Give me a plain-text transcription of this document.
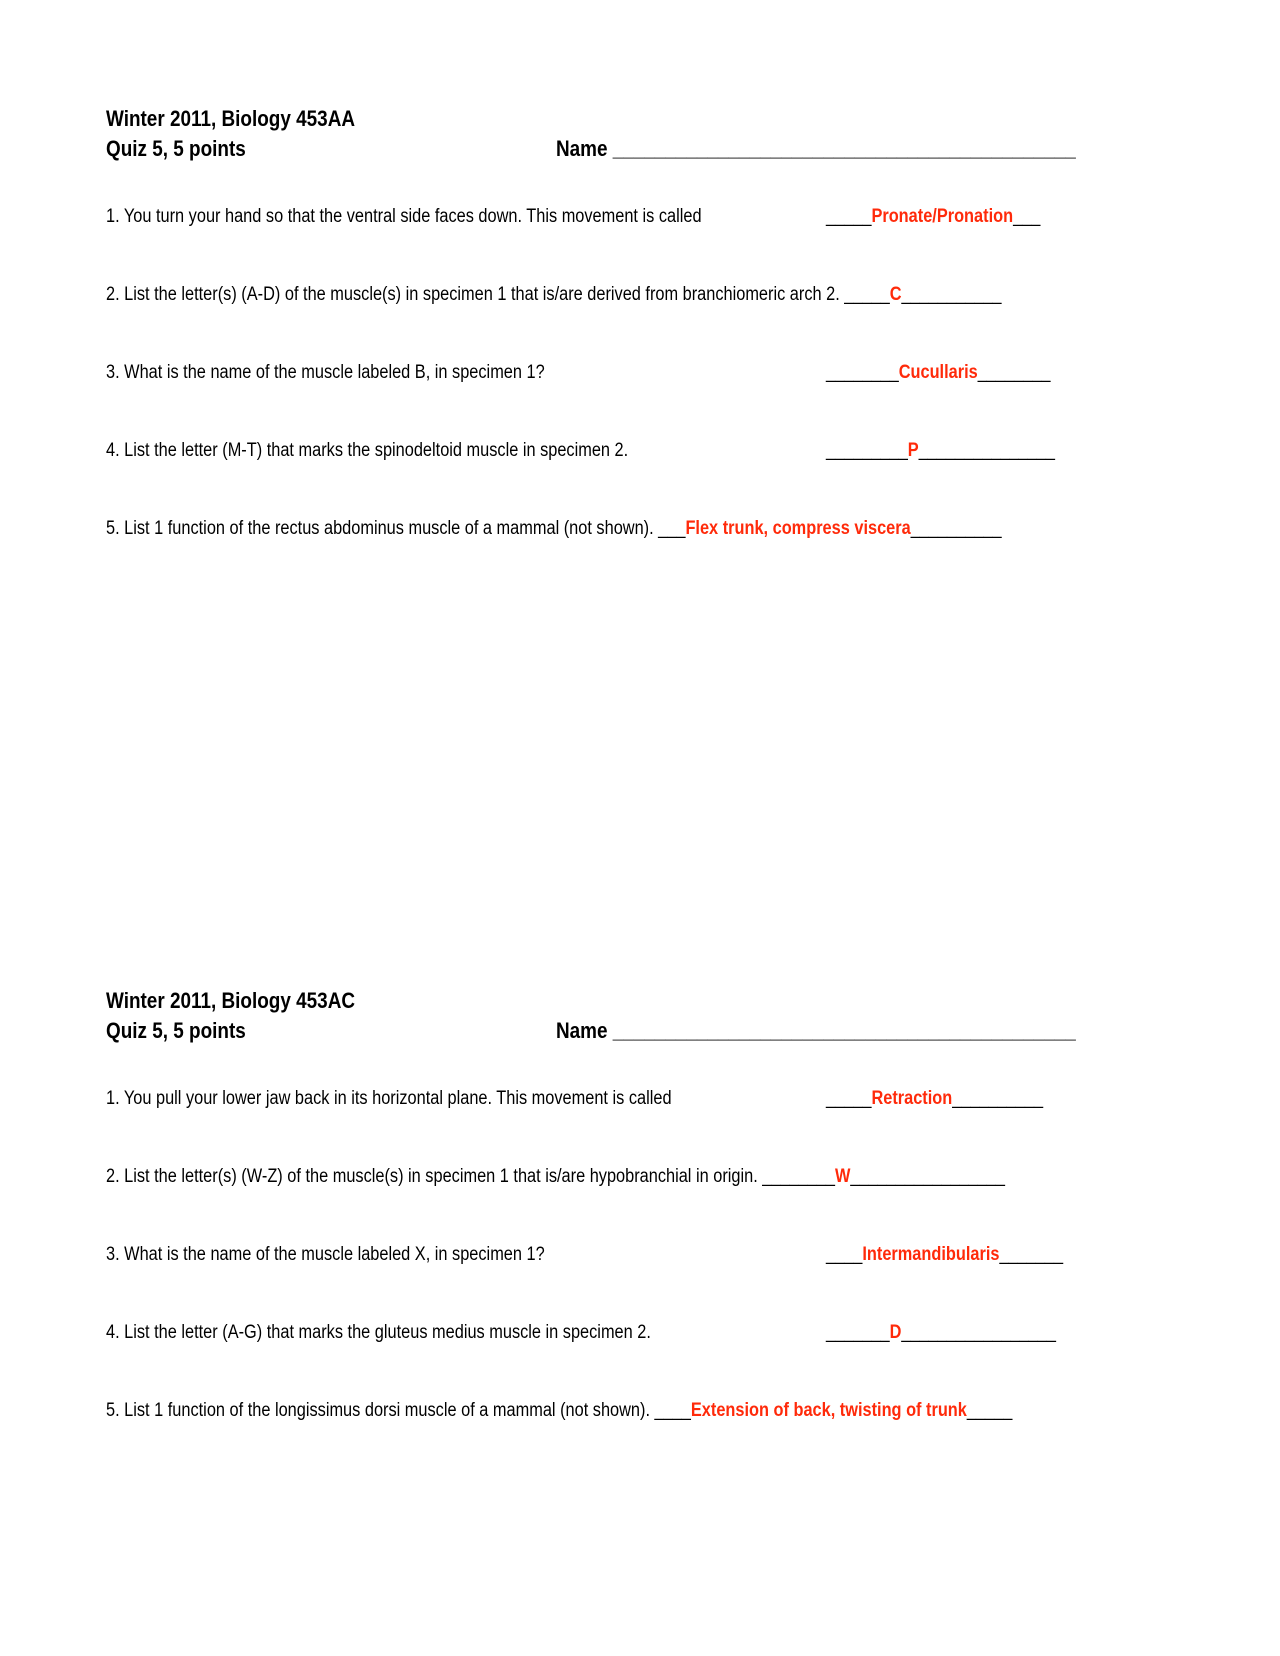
Winter 2011, Biology 453AA
Quiz 5, 5 points	Name ____________________________________________
1. You turn your hand so that the ventral side faces down. This movement is called	_____Pronate/Pronation___
2. List the letter(s) (A-D) of the muscle(s) in specimen 1 that is/are derived from branchiomeric arch 2. _____C___________
3. What is the name of the muscle labeled B, in specimen 1?	________Cucullaris________
4. List the letter (M-T) that marks the spinodeltoid muscle in specimen 2.	_________P_______________
5. List 1 function of the rectus abdominus muscle of a mammal (not shown). ___Flex trunk, compress viscera__________
Winter 2011, Biology 453AC
Quiz 5, 5 points	Name ____________________________________________
1. You pull your lower jaw back in its horizontal plane. This movement is called	_____Retraction__________
2. List the letter(s) (W-Z) of the muscle(s) in specimen 1 that is/are hypobranchial in origin. ________W_________________
3. What is the name of the muscle labeled X, in specimen 1?	____Intermandibularis_______
4. List the letter (A-G) that marks the gluteus medius muscle in specimen 2.	_______D_________________
5. List 1 function of the longissimus dorsi muscle of a mammal (not shown). ____Extension of back, twisting of trunk_____
